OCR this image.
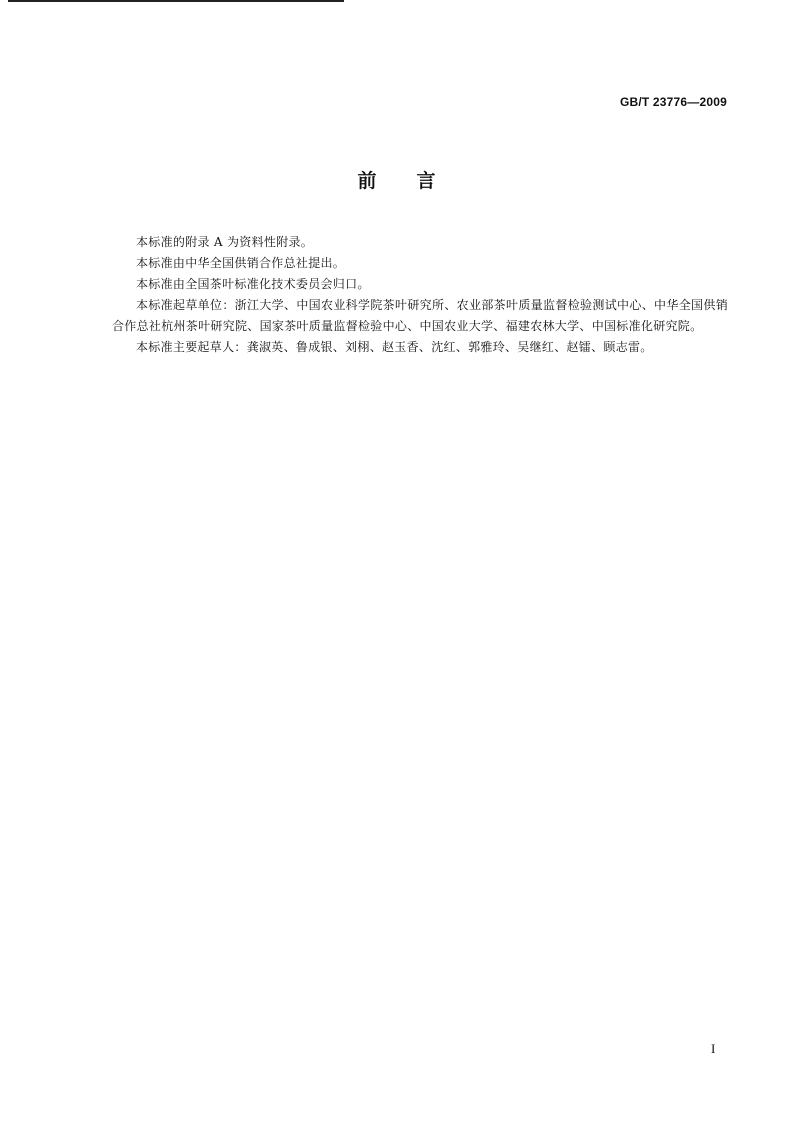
GB/T 23776—2009
前言

本标准的附录 A 为资料性附录。

本标准由中华全国供销合作总社提出。

本标准由全国茶叶标准化技术委员会归口。

本标准起草单位：浙江大学、中国农业科学院茶叶研究所、农业部茶叶质量监督检验测试中心、中华全国供销合作总社杭州茶叶研究院、国家茶叶质量监督检验中心、中国农业大学、福建农林大学、中国标准化研究院。

本标准主要起草人：龚淑英、鲁成银、刘栩、赵玉香、沈红、郭雅玲、吴继红、赵镭、顾志雷。

I
